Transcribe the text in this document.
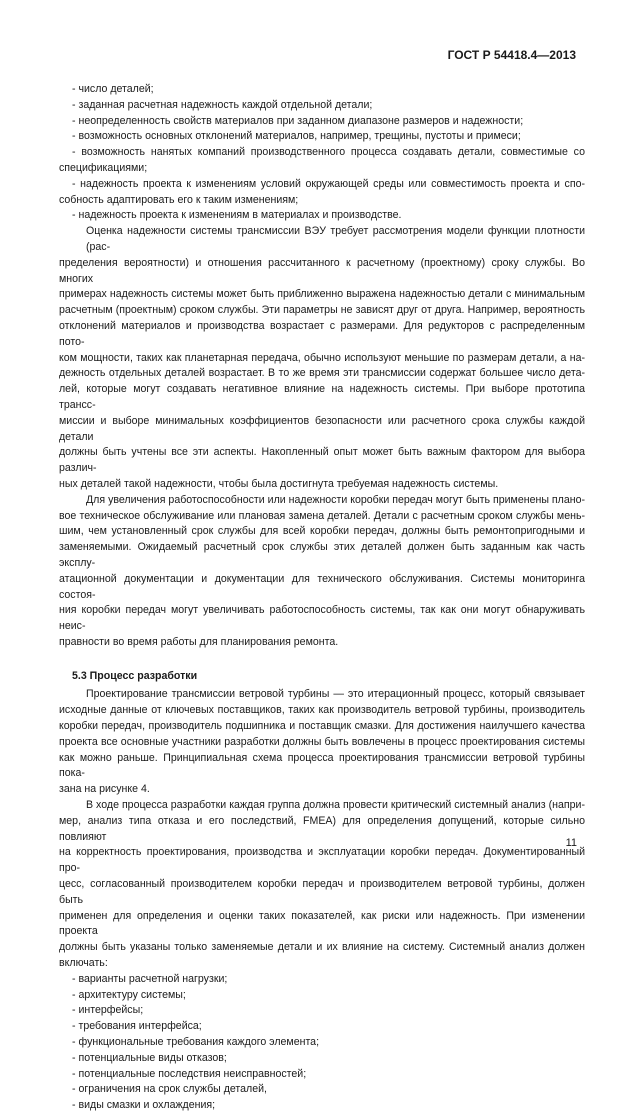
ГОСТ Р 54418.4—2013
- число деталей;
- заданная расчетная надежность каждой отдельной детали;
- неопределенность свойств материалов при заданном диапазоне размеров и надежности;
- возможность основных отклонений материалов, например, трещины, пустоты и примеси;
- возможность нанятых компаний производственного процесса создавать детали, совместимые со
спецификациями;
- надежность проекта к изменениям условий окружающей среды или совместимость проекта и спо-
собность адаптировать его к таким изменениям;
- надежность проекта к изменениям в материалах и производстве.
Оценка надежности системы трансмиссии ВЭУ требует рассмотрения модели функции плотности (рас-
пределения вероятности) и отношения рассчитанного к расчетному (проектному) сроку службы. Во многих
примерах надежность системы может быть приближенно выражена надежностью детали с минимальным
расчетным (проектным) сроком службы. Эти параметры не зависят друг от друга. Например, вероятность
отклонений материалов и производства возрастает с размерами. Для редукторов с распределенным пото-
ком мощности, таких как планетарная передача, обычно используют меньшие по размерам детали, а на-
дежность отдельных деталей возрастает. В то же время эти трансмиссии содержат большее число дета-
лей, которые могут создавать негативное влияние на надежность системы. При выборе прототипа трансс-
миссии и выборе минимальных коэффициентов безопасности или расчетного срока службы каждой детали
должны быть учтены все эти аспекты. Накопленный опыт может быть важным фактором для выбора различ-
ных деталей такой надежности, чтобы была достигнута требуемая надежность системы.
Для увеличения работоспособности или надежности коробки передач могут быть применены плано-
вое техническое обслуживание или плановая замена деталей. Детали с расчетным сроком службы мень-
шим, чем установленный срок службы для всей коробки передач, должны быть ремонтопригодными и
заменяемыми. Ожидаемый расчетный срок службы этих деталей должен быть заданным как часть эксплу-
атационной документации и документации для технического обслуживания. Системы мониторинга состоя-
ния коробки передач могут увеличивать работоспособность системы, так как они могут обнаруживать неис-
правности во время работы для планирования ремонта.
5.3 Процесс разработки
Проектирование трансмиссии ветровой турбины — это итерационный процесс, который связывает
исходные данные от ключевых поставщиков, таких как производитель ветровой турбины, производитель
коробки передач, производитель подшипника и поставщик смазки. Для достижения наилучшего качества
проекта все основные участники разработки должны быть вовлечены в процесс проектирования системы
как можно раньше. Принципиальная схема процесса проектирования трансмиссии ветровой турбины пока-
зана на рисунке 4.
В ходе процесса разработки каждая группа должна провести критический системный анализ (напри-
мер, анализ типа отказа и его последствий, FMEA) для определения допущений, которые сильно повлияют
на корректность проектирования, производства и эксплуатации коробки передач. Документированный про-
цесс, согласованный производителем коробки передач и производителем ветровой турбины, должен быть
применен для определения и оценки таких показателей, как риски или надежность. При изменении проекта
должны быть указаны только заменяемые детали и их влияние на систему. Системный анализ должен
включать:
- варианты расчетной нагрузки;
- архитектуру системы;
- интерфейсы;
- требования интерфейса;
- функциональные требования каждого элемента;
- потенциальные виды отказов;
- потенциальные последствия неисправностей;
- ограничения на срок службы деталей,
- виды смазки и охлаждения;
11
